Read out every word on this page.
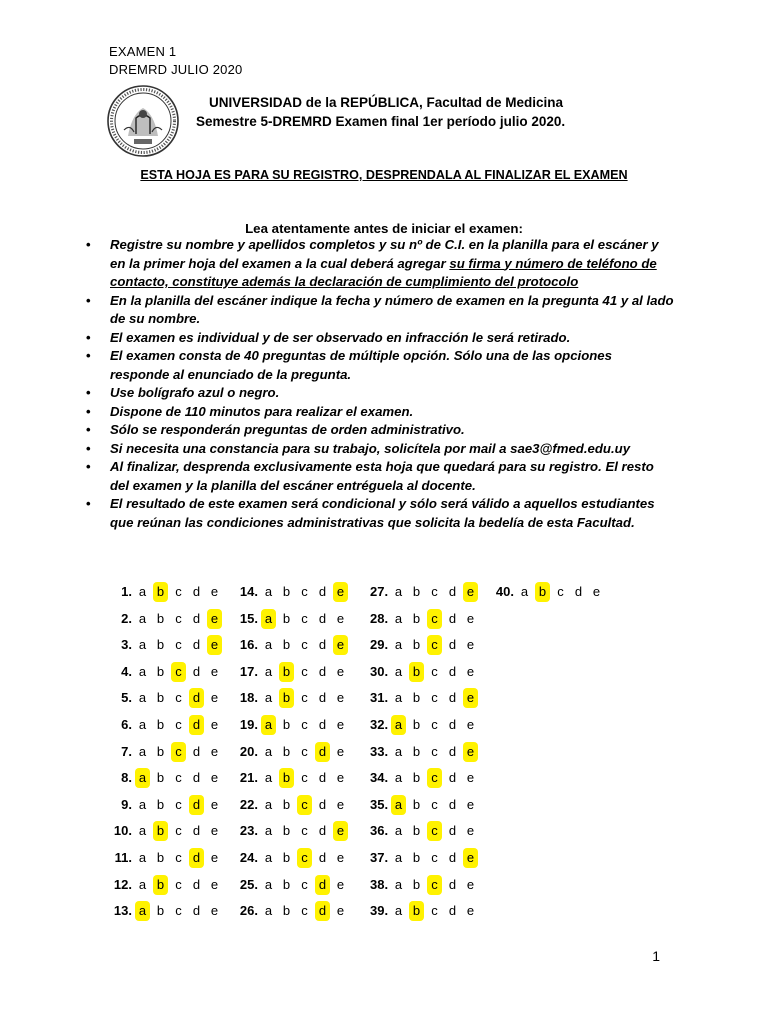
EXAMEN 1
DREMRD JULIO 2020
UNIVERSIDAD de la REPÚBLICA, Facultad de Medicina
Semestre 5-DREMRD Examen final 1er período julio 2020.
ESTA HOJA ES PARA SU REGISTRO, DESPRENDALA AL FINALIZAR EL EXAMEN
Lea atentamente antes de iniciar el examen:
• Registre su nombre y apellidos completos y su nº de C.I. en la planilla para el escáner y en la primer hoja del examen a la cual deberá agregar su firma y número de teléfono de contacto, constituye además la declaración de cumplimiento del protocolo
• En la planilla del escáner indique la fecha y número de examen en la pregunta 41 y al lado de su nombre.
• El examen es individual y de ser observado en infracción le será retirado.
• El examen consta de 40 preguntas de múltiple opción. Sólo una de las opciones responde al enunciado de la pregunta.
• Use bolígrafo azul o negro.
• Dispone de 110 minutos para realizar el examen.
• Sólo se responderán preguntas de orden administrativo.
• Si necesita una constancia para su trabajo, solicítela por mail a sae3@fmed.edu.uy
• Al finalizar, desprenda exclusivamente esta hoja que quedará para su registro. El resto del examen y la planilla del escáner entréguela al docente.
• El resultado de este examen será condicional y sólo será válido a aquellos estudiantes que reúnan las condiciones administrativas que solicita la bedelía de esta Facultad.
1. a b c d e
2. a b c d e
3. a b c d e
4. a b c d e
5. a b c d e
6. a b c d e
7. a b c d e
8. a b c d e
9. a b c d e
10. a b c d e
11. a b c d e
12. a b c d e
13. a b c d e
14. a b c d e
15. a b c d e
16. a b c d e
17. a b c d e
18. a b c d e
19. a b c d e
20. a b c d e
21. a b c d e
22. a b c d e
23. a b c d e
24. a b c d e
25. a b c d e
26. a b c d e
27. a b c d e
28. a b c d e
29. a b c d e
30. a b c d e
31. a b c d e
32. a b c d e
33. a b c d e
34. a b c d e
35. a b c d e
36. a b c d e
37. a b c d e
38. a b c d e
39. a b c d e
40. a b c d e
1
